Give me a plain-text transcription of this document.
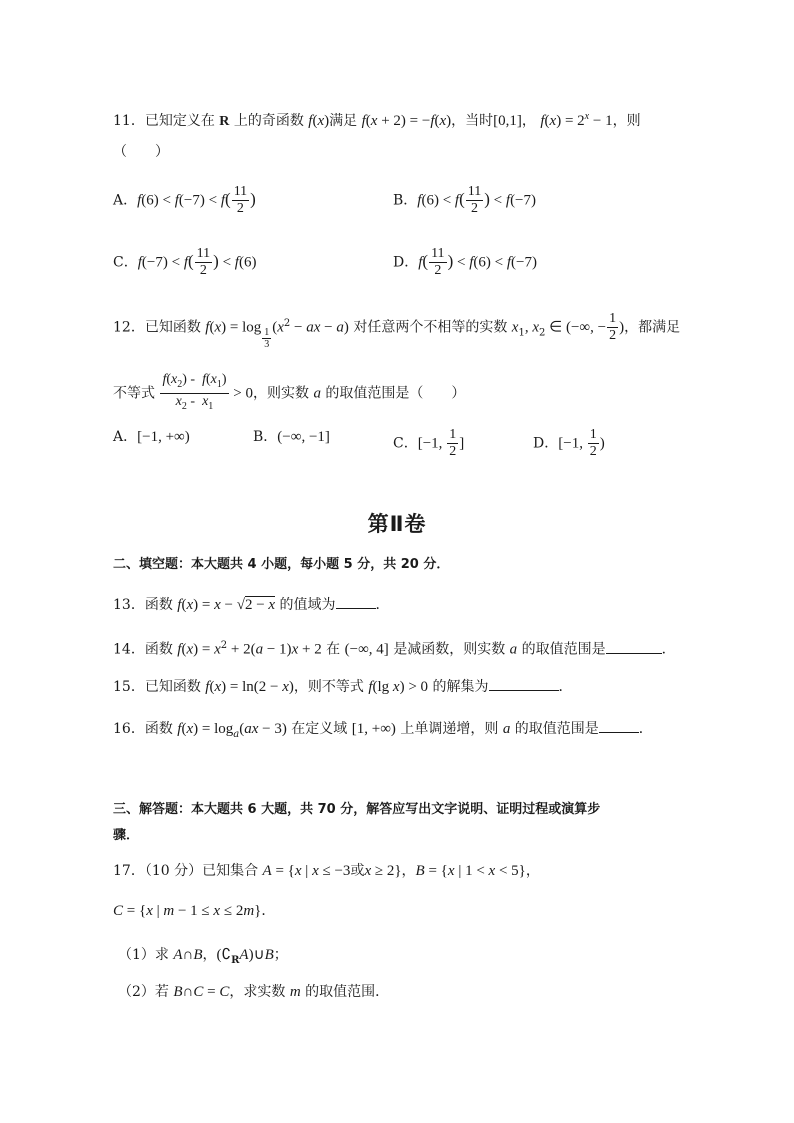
11．已知定义在 R 上的奇函数 f(x)满足 f(x + 2) = −f(x)，当时[0,1]， $f(x) = 2^x - 1$，则
（　　）
A．$f(6) < f(-7) < f( \frac{11}{2}$ )	B．$f(6) < f( \frac{11}{2}$ ) < f(−7)
C．$f(-7) < f( \frac{11}{2}$ ) < f(6)	D．$f( \frac{11}{2}$ ) < f(6) < f(−7)
12．已知函数 f(x) = log $_{\frac{1}{3}}$ ($x^2$ − ax − a) 对任意两个不相等的实数 $x_1$, $x_2$ ∈ (−∞, − $\frac{1}{2}$ )，都满足
不等式 $\frac{f(x_2) - f(x_1)}{x_2 - x_1} > 0$，则实数 a 的取值范围是（　　）
A．[−1, +∞)	B．(−∞, −1]	C．[−1, $\frac{1}{2}$ ]	D．[−1, $\frac{1}{2}$ )
第Ⅱ卷
二、填空题：本大题共 4 小题，每小题 5 分，共 20 分．
13．函数 f(x) = x − √2 − x 的值域为	．
14．函数 $f(x) = x^2 + 2(a - 1)x + 2$ 在 (−∞, 4] 是减函数，则实数 a 的取值范围是	．
15．已知函数 f(x) = ln(2 − x)，则不等式 f(lg x) > 0 的解集为	．
16．函数 $f(x) = \log_a(ax - 3)$ 在定义域 [1, +∞) 上单调递增，则 a 的取值范围是	．
三、解答题：本大题共 6 大题，共 70 分，解答应写出文字说明、证明过程或演算步
骤．
17．（10 分）已知集合 A = {x | x ≤ −3或x ≥ 2}，B = {x | 1 < x < 5}，
C = {x | m − 1 ≤ x ≤ 2m}．
（1）求 A∩B，$(∁_RA)\cup B$；
（2）若 B∩C = C，求实数 m 的取值范围．
